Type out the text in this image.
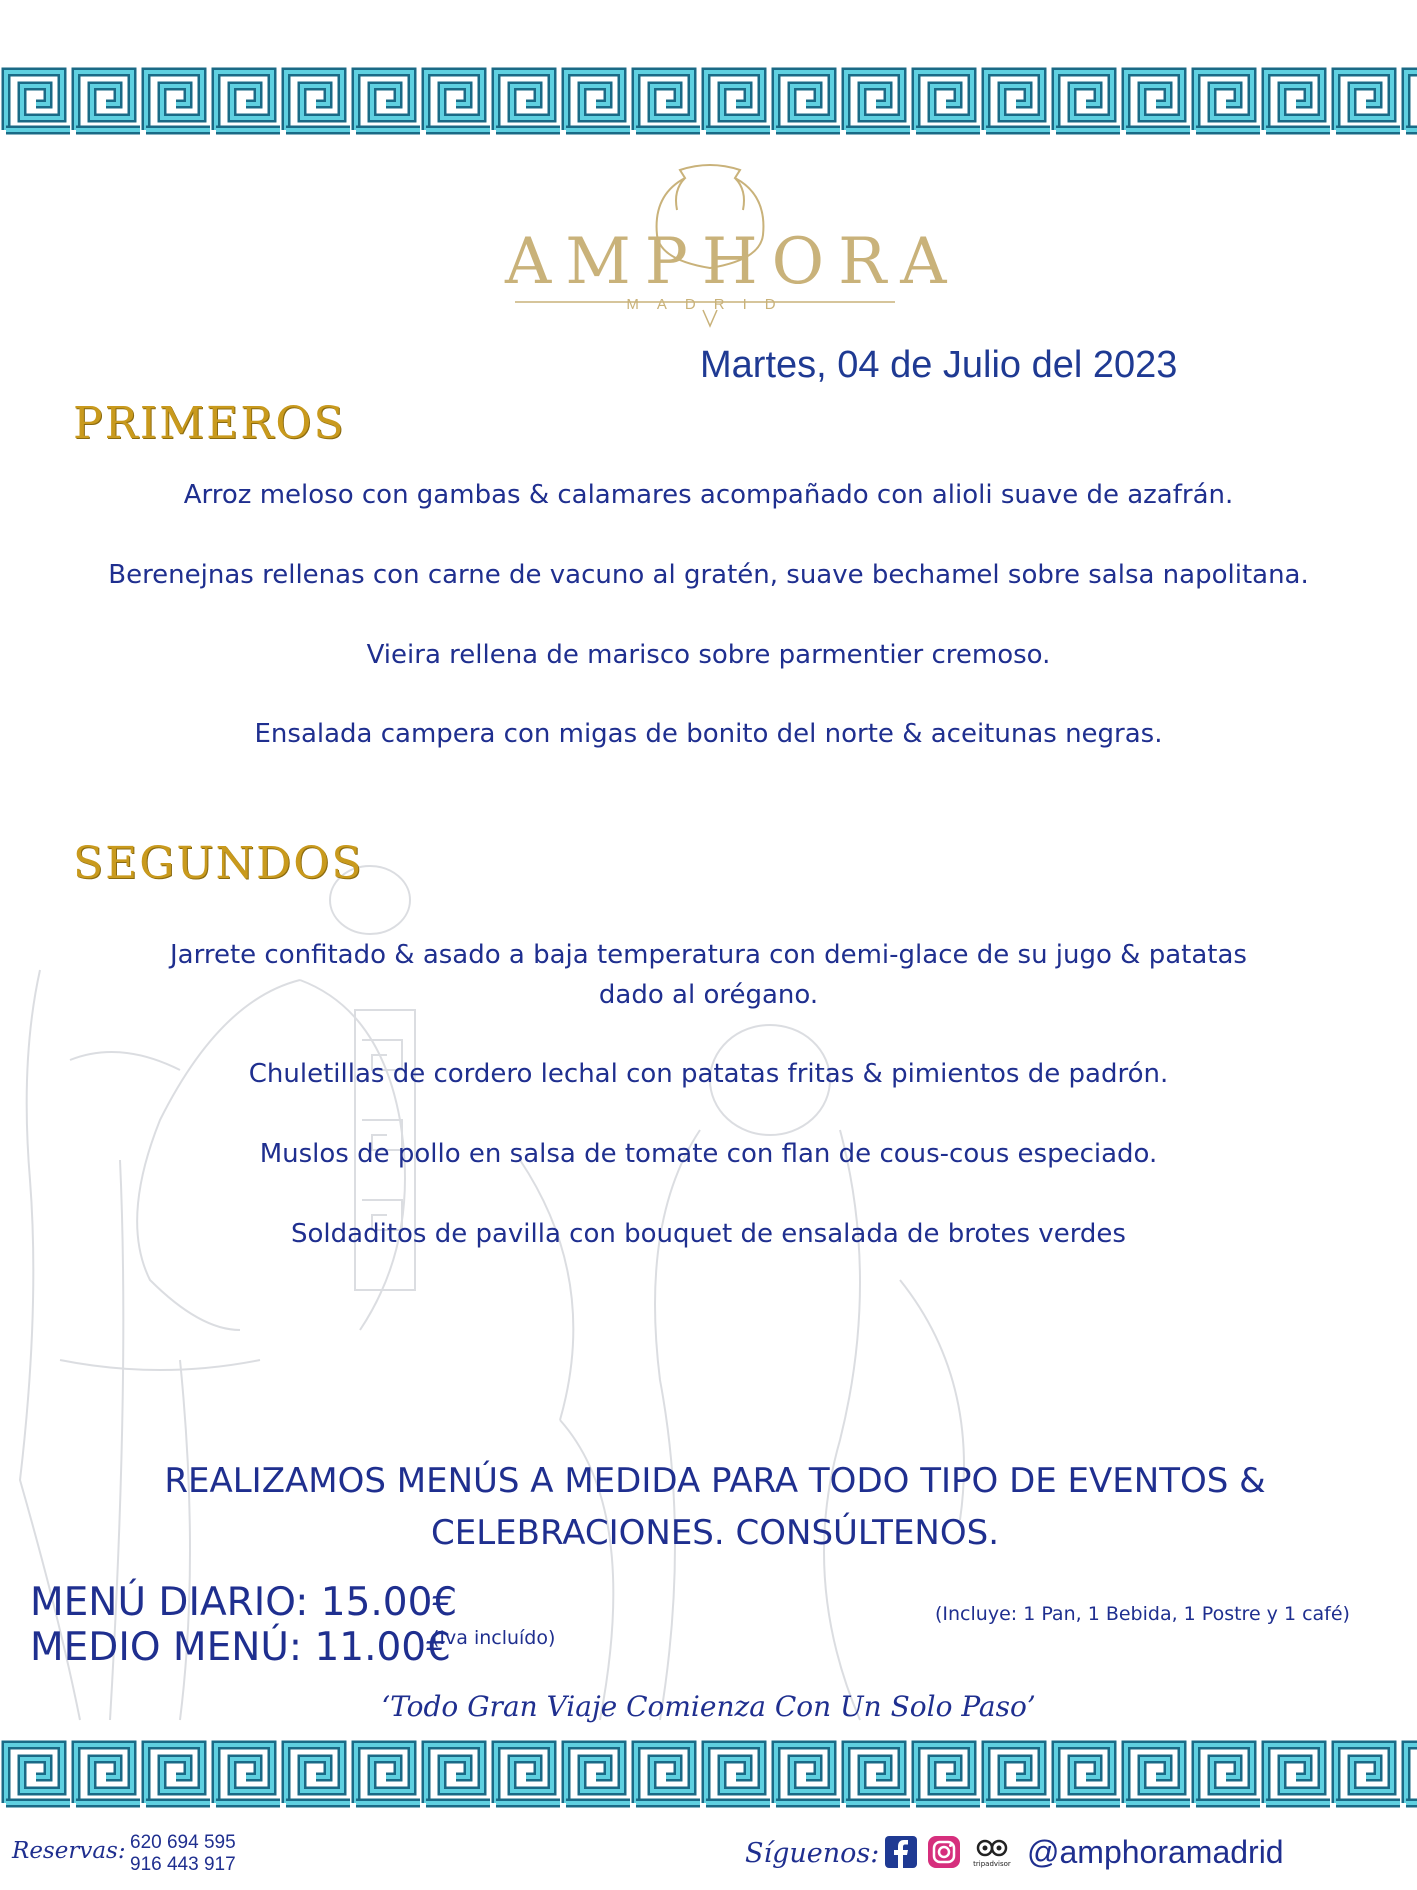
AMPHORA
MADRID
Martes, 04 de Julio del 2023
PRIMEROS
Arroz meloso con gambas & calamares acompañado con alioli suave de azafrán.
Berenejnas rellenas con carne de vacuno al gratén, suave bechamel sobre salsa napolitana.
Vieira rellena de marisco sobre parmentier cremoso.
Ensalada campera con migas de bonito del norte & aceitunas negras.
SEGUNDOS
Jarrete confitado & asado a baja temperatura con demi-glace de su jugo & patatas dado al orégano.
Chuletillas de cordero lechal con patatas fritas & pimientos de padrón.
Muslos de pollo en salsa de tomate con flan de cous-cous especiado.
Soldaditos de pavilla con bouquet de ensalada de brotes verdes
REALIZAMOS MENÚS A MEDIDA PARA TODO TIPO DE EVENTOS &
CELEBRACIONES. CONSÚLTENOS.
MENÚ DIARIO: 15.00€
MEDIO MENÚ: 11.00€
(Iva incluído)
(Incluye: 1 Pan, 1 Bebida, 1 Postre y 1 café)
‘Todo Gran Viaje Comienza Con Un Solo Paso’
Reservas: 620 694 595
916 443 917	Síguenos:	tripadvisor @amphoramadrid
